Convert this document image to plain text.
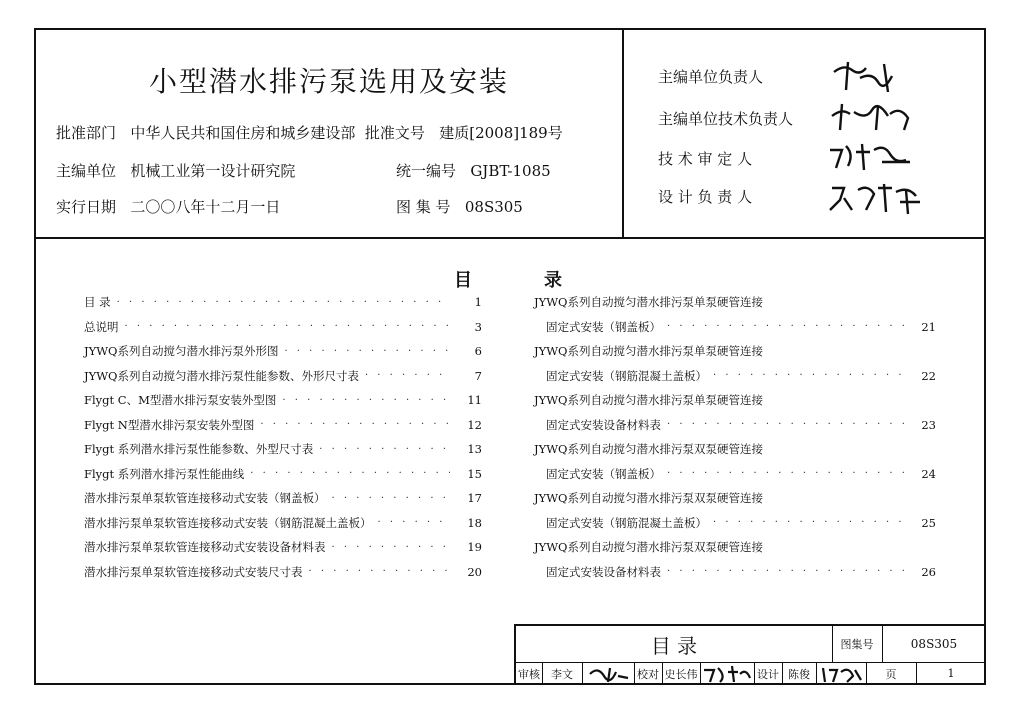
小型潜水排污泵选用及安装
批准部门 中华人民共和国住房和城乡建设部 批准文号 建质[2008]189号
主编单位 机械工业第一设计研究院	统一编号 GJBT-1085
实行日期 二〇〇八年十二月一日	图 集 号 08S305
主编单位负责人
主编单位技术负责人
技 术 审 定 人
设 计 负 责 人
目	录
目 录 · · ·	1
总说明 · · ·	3
JYWQ系列自动搅匀潜水排污泵外形图 · · ·	6
JYWQ系列自动搅匀潜水排污泵性能参数、外形尺寸表 · · ·	7
Flygt C、M型潜水排污泵安装外型图 · · ·	11
Flygt N型潜水排污泵安装外型图 · · ·	12
Flygt 系列潜水排污泵性能参数、外型尺寸表 · · ·	13
Flygt 系列潜水排污泵性能曲线 · · ·	15
潜水排污泵单泵软管连接移动式安装（钢盖板） · · ·	17
潜水排污泵单泵软管连接移动式安装（钢筋混凝土盖板） · · ·	18
潜水排污泵单泵软管连接移动式安装设备材料表 · · ·	19
潜水排污泵单泵软管连接移动式安装尺寸表 · · ·	20
JYWQ系列自动搅匀潜水排污泵单泵硬管连接
固定式安装（钢盖板） · · ·	21
JYWQ系列自动搅匀潜水排污泵单泵硬管连接
固定式安装（钢筋混凝土盖板） · · ·	22
JYWQ系列自动搅匀潜水排污泵单泵硬管连接
固定式安装设备材料表 · · ·	23
JYWQ系列自动搅匀潜水排污泵双泵硬管连接
固定式安装（钢盖板） · · ·	24
JYWQ系列自动搅匀潜水排污泵双泵硬管连接
固定式安装（钢筋混凝土盖板） · · ·	25
JYWQ系列自动搅匀潜水排污泵双泵硬管连接
固定式安装设备材料表 · · ·	26
目 录	图集号	08S305
审核	李文	校对 史长伟	设计 陈俊	页	1
